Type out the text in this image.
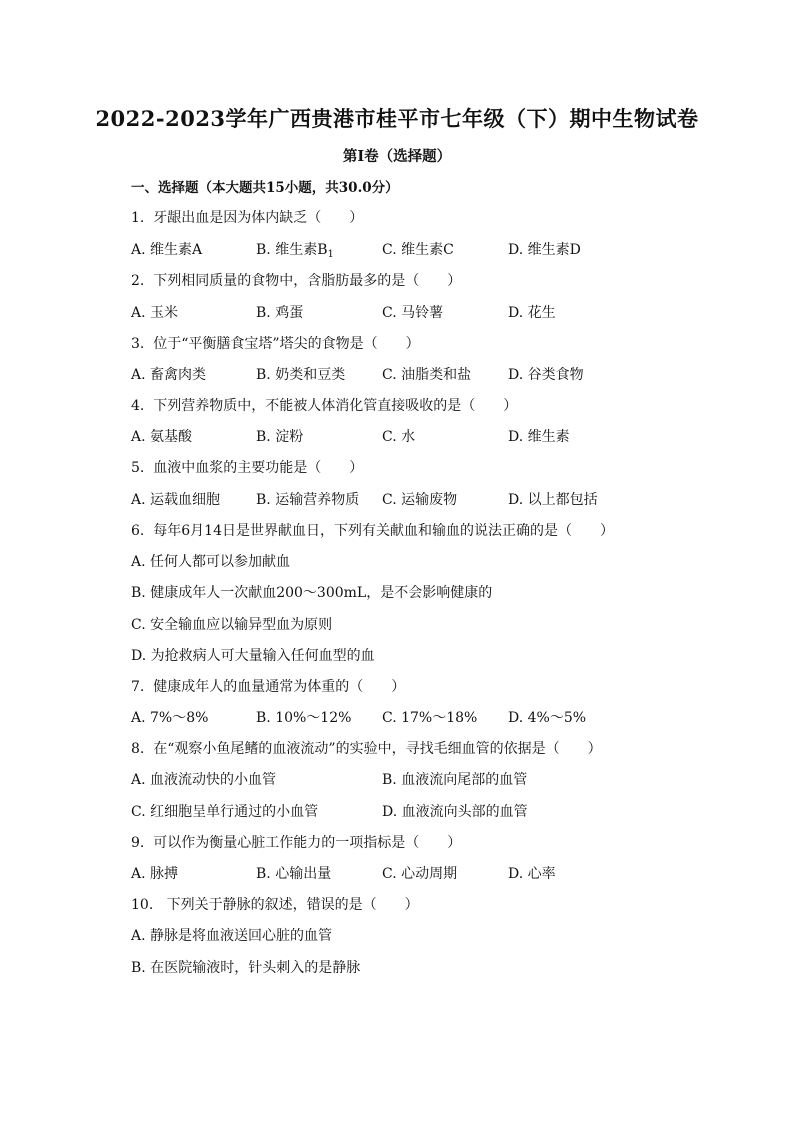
2022-2023学年广西贵港市桂平市七年级（下）期中生物试卷
第Ⅰ卷（选择题）
一、选择题（本大题共15小题，共30.0分）
1. 牙龈出血是因为体内缺乏（　　）
A. 维生素A	B. 维生素$B_1$	C. 维生素C	D. 维生素D
2. 下列相同质量的食物中，含脂肪最多的是（　　）
A. 玉米	B. 鸡蛋	C. 马铃薯	D. 花生
3. 位于“平衡膳食宝塔”塔尖的食物是（　　）
A. 畜禽肉类	B. 奶类和豆类	C. 油脂类和盐	D. 谷类食物
4. 下列营养物质中，不能被人体消化管直接吸收的是（　　）
A. 氨基酸	B. 淀粉	C. 水	D. 维生素
5. 血液中血浆的主要功能是（　　）
A. 运载血细胞	B. 运输营养物质 C. 运输废物	D. 以上都包括
6. 每年6月14日是世界献血日，下列有关献血和输血的说法正确的是（　　）
A. 任何人都可以参加献血
B. 健康成年人一次献血200～300mL，是不会影响健康的
C. 安全输血应以输异型血为原则
D. 为抢救病人可大量输入任何血型的血
7. 健康成年人的血量通常为体重的（　　）
A. 7%～8%	B. 10%～12% C. 17%～18% D. 4%～5%
8. 在“观察小鱼尾鳍的血液流动”的实验中，寻找毛细血管的依据是（　　）
A. 血液流动快的小血管	B. 血液流向尾部的血管
C. 红细胞呈单行通过的小血管	D. 血液流向头部的血管
9. 可以作为衡量心脏工作能力的一项指标是（　　）
A. 脉搏	B. 心输出量	C. 心动周期	D. 心率
10. 下列关于静脉的叙述，错误的是（　　）
A. 静脉是将血液送回心脏的血管
B. 在医院输液时，针头刺入的是静脉
